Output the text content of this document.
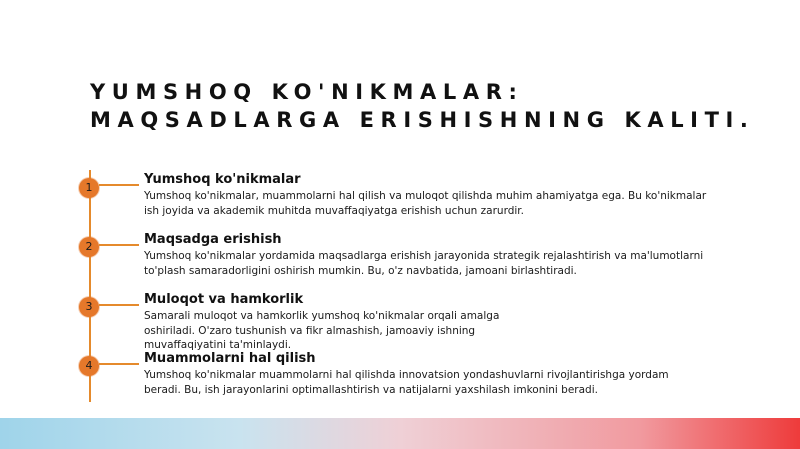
YUMSHOQ KO'NIKMALAR:
MAQSADLARGA ERISHISHNING KALITI.
1

Yumshoq ko'nikmalar

Yumshoq ko'nikmalar, muammolarni hal qilish va muloqot qilishda muhim ahamiyatga ega. Bu ko'nikmalar
ish joyida va akademik muhitda muvaffaqiyatga erishish uchun zarurdir.

2	Maqsadga erishish

Yumshoq ko'nikmalar yordamida maqsadlarga erishish jarayonida strategik rejalashtirish va ma'lumotlarni
to'plash samaradorligini oshirish mumkin. Bu, o'z navbatida, jamoani birlashtiradi.

3	Muloqot va hamkorlik

Samarali muloqot va hamkorlik yumshoq ko'nikmalar orqali amalga
oshiriladi. O'zaro tushunish va fikr almashish, jamoaviy ishning
muvaffaqiyatini ta'minlaydi.

4	Muammolarni hal qilish

Yumshoq ko'nikmalar muammolarni hal qilishda innovatsion yondashuvlarni rivojlantirishga yordam
beradi. Bu, ish jarayonlarini optimallashtirish va natijalarni yaxshilash imkonini beradi.
